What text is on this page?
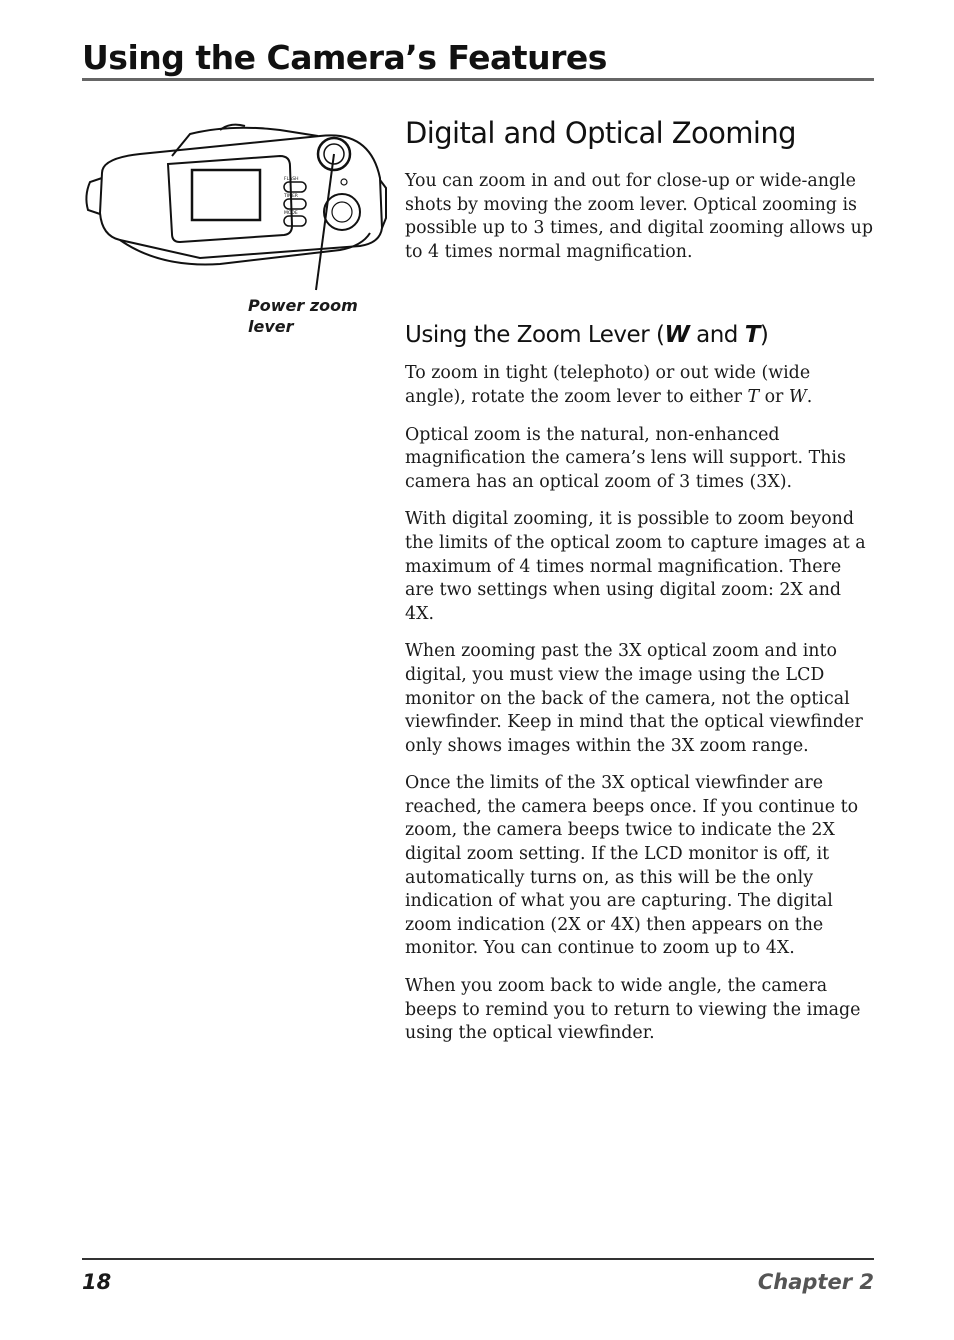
Using the Camera’s Features
FLASH
TIMER
MODE
Power zoom lever
Digital and Optical Zooming

You can zoom in and out for close-up or wide-angle shots by moving the zoom lever. Optical zooming is possible up to 3 times, and digital zooming allows up to 4 times normal magnification.

Using the Zoom Lever (W and T)

To zoom in tight (telephoto) or out wide (wide angle), rotate the zoom lever to either T or W.

Optical zoom is the natural, non-enhanced magnification the camera’s lens will support. This camera has an optical zoom of 3 times (3X).

With digital zooming, it is possible to zoom beyond the limits of the optical zoom to capture images at a maximum of 4 times normal magnification. There are two settings when using digital zoom: 2X and 4X.

When zooming past the 3X optical zoom and into digital, you must view the image using the LCD monitor on the back of the camera, not the optical viewfinder. Keep in mind that the optical viewfinder only shows images within the 3X zoom range.

Once the limits of the 3X optical viewfinder are reached, the camera beeps once. If you continue to zoom, the camera beeps twice to indicate the 2X digital zoom setting. If the LCD monitor is off, it automatically turns on, as this will be the only indication of what you are capturing. The digital zoom indication (2X or 4X) then appears on the monitor. You can continue to zoom up to 4X.

When you zoom back to wide angle, the camera beeps to remind you to return to viewing the image using the optical viewfinder.

18	Chapter 2
